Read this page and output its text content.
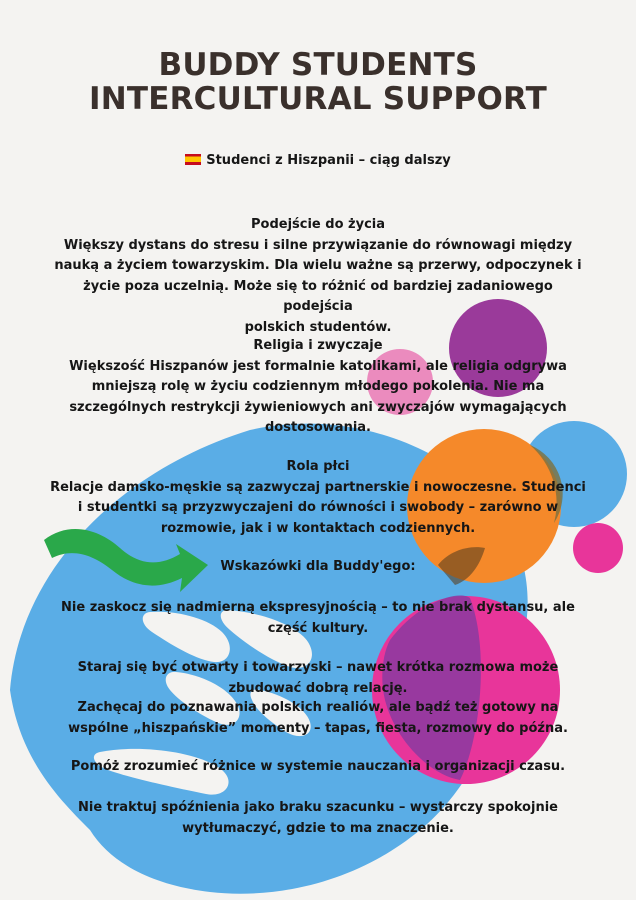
BUDDY STUDENTS
INTERCULTURAL SUPPORT
Studenci z Hiszpanii – ciąg dalszy
Podejście do życia
Większy dystans do stresu i silne przywiązanie do równowagi między
nauką a życiem towarzyskim. Dla wielu ważne są przerwy, odpoczynek i
życie poza uczelnią. Może się to różnić od bardziej zadaniowego podejścia
polskich studentów.
Religia i zwyczaje
Większość Hiszpanów jest formalnie katolikami, ale religia odgrywa
mniejszą rolę w życiu codziennym młodego pokolenia. Nie ma
szczególnych restrykcji żywieniowych ani zwyczajów wymagających
dostosowania.
Rola płci
Relacje damsko-męskie są zazwyczaj partnerskie i nowoczesne. Studenci
i studentki są przyzwyczajeni do równości i swobody – zarówno w
rozmowie, jak i w kontaktach codziennych.
Wskazówki dla Buddy'ego:
Nie zaskocz się nadmierną ekspresyjnością – to nie brak dystansu, ale
część kultury.
Staraj się być otwarty i towarzyski – nawet krótka rozmowa może
zbudować dobrą relację.
Zachęcaj do poznawania polskich realiów, ale bądź też gotowy na
wspólne „hiszpańskie” momenty – tapas, fiesta, rozmowy do późna.
Pomóż zrozumieć różnice w systemie nauczania i organizacji czasu.
Nie traktuj spóźnienia jako braku szacunku – wystarczy spokojnie
wytłumaczyć, gdzie to ma znaczenie.
